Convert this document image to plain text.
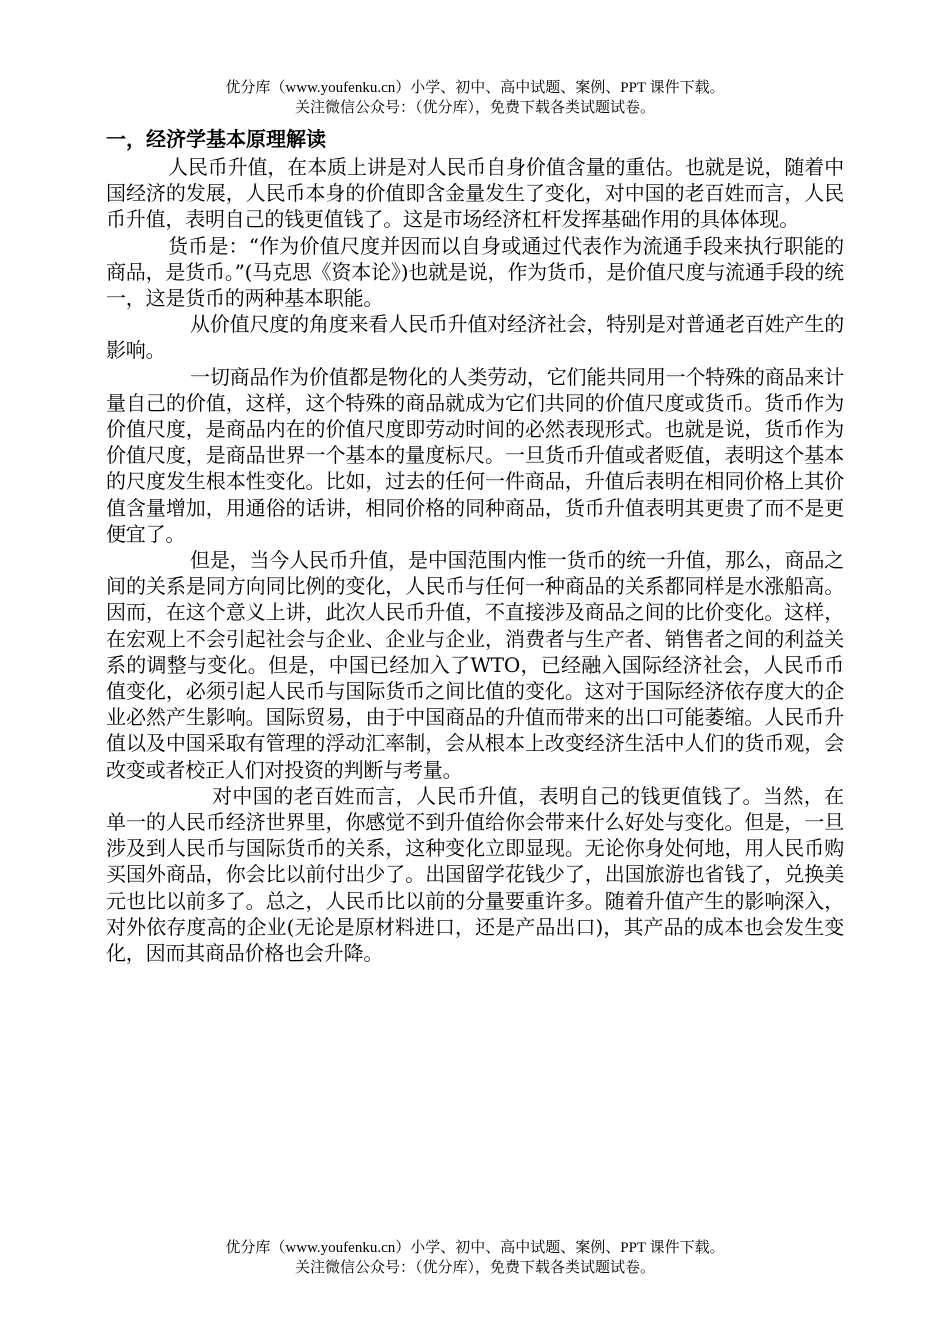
优分库（www.youfenku.cn）小学、初中、高中试题、案例、PPT 课件下载。
关注微信公众号：（优分库），免费下载各类试题试卷。
一，经济学基本原理解读

人民币升值，在本质上讲是对人民币自身价值含量的重估。也就是说，随着中国经济的发展，人民币本身的价值即含金量发生了变化，对中国的老百姓而言，人民币升值，表明自己的钱更值钱了。这是市场经济杠杆发挥基础作用的具体体现。

货币是：“作为价值尺度并因而以自身或通过代表作为流通手段来执行职能的商品，是货币。”(马克思《资本论》)也就是说，作为货币，是价值尺度与流通手段的统一，这是货币的两种基本职能。

从价值尺度的角度来看人民币升值对经济社会，特别是对普通老百姓产生的影响。

一切商品作为价值都是物化的人类劳动，它们能共同用一个特殊的商品来计量自己的价值，这样，这个特殊的商品就成为它们共同的价值尺度或货币。货币作为价值尺度，是商品内在的价值尺度即劳动时间的必然表现形式。也就是说，货币作为价值尺度，是商品世界一个基本的量度标尺。一旦货币升值或者贬值，表明这个基本的尺度发生根本性变化。比如，过去的任何一件商品，升值后表明在相同价格上其价值含量增加，用通俗的话讲，相同价格的同种商品，货币升值表明其更贵了而不是更便宜了。

但是，当今人民币升值，是中国范围内惟一货币的统一升值，那么，商品之间的关系是同方向同比例的变化，人民币与任何一种商品的关系都同样是水涨船高。因而，在这个意义上讲，此次人民币升值，不直接涉及商品之间的比价变化。这样，在宏观上不会引起社会与企业、企业与企业，消费者与生产者、销售者之间的利益关系的调整与变化。但是，中国已经加入了WTO，已经融入国际经济社会，人民币币值变化，必须引起人民币与国际货币之间比值的变化。这对于国际经济依存度大的企业必然产生影响。国际贸易，由于中国商品的升值而带来的出口可能萎缩。人民币升值以及中国采取有管理的浮动汇率制，会从根本上改变经济生活中人们的货币观，会改变或者校正人们对投资的判断与考量。

对中国的老百姓而言，人民币升值，表明自己的钱更值钱了。当然，在单一的人民币经济世界里，你感觉不到升值给你会带来什么好处与变化。但是，一旦涉及到人民币与国际货币的关系，这种变化立即显现。无论你身处何地，用人民币购买国外商品，你会比以前付出少了。出国留学花钱少了，出国旅游也省钱了，兑换美元也比以前多了。总之，人民币比以前的分量要重许多。随着升值产生的影响深入，对外依存度高的企业(无论是原材料进口，还是产品出口)，其产品的成本也会发生变化，因而其商品价格也会升降。

优分库（www.youfenku.cn）小学、初中、高中试题、案例、PPT 课件下载。
关注微信公众号：（优分库），免费下载各类试题试卷。
